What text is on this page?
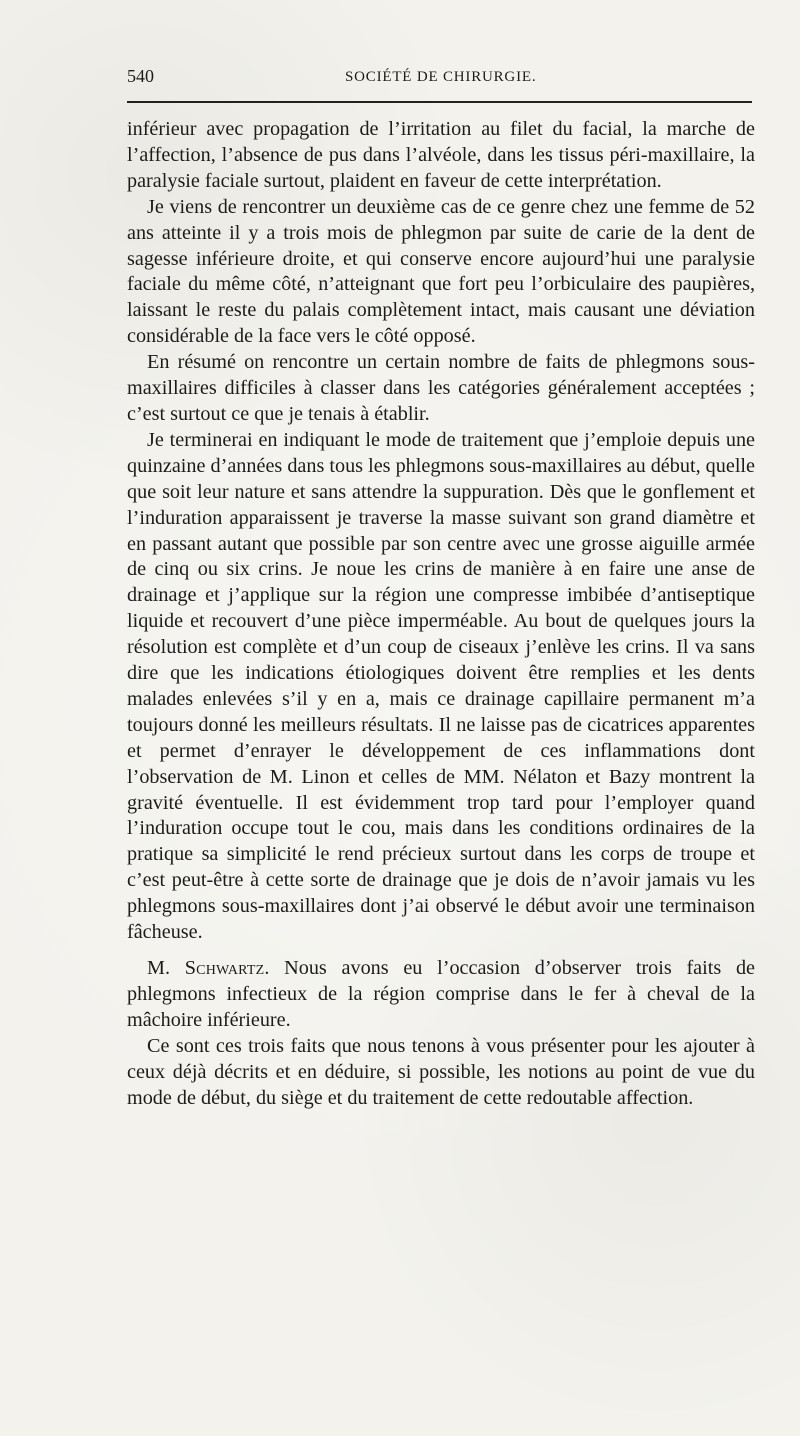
540	SOCIÉTÉ DE CHIRURGIE.

inférieur avec propagation de l’irritation au filet du facial, la marche de l’affection, l’absence de pus dans l’alvéole, dans les tissus péri-maxillaire, la paralysie faciale surtout, plaident en faveur de cette interprétation.

Je viens de rencontrer un deuxième cas de ce genre chez une femme de 52 ans atteinte il y a trois mois de phlegmon par suite de carie de la dent de sagesse inférieure droite, et qui conserve encore aujourd’hui une paralysie faciale du même côté, n’atteignant que fort peu l’orbiculaire des paupières, laissant le reste du palais complètement intact, mais causant une déviation considérable de la face vers le côté opposé.

En résumé on rencontre un certain nombre de faits de phlegmons sous-maxillaires difficiles à classer dans les catégories généralement acceptées ; c’est surtout ce que je tenais à établir.

Je terminerai en indiquant le mode de traitement que j’emploie depuis une quinzaine d’années dans tous les phlegmons sous-maxillaires au début, quelle que soit leur nature et sans attendre la suppuration. Dès que le gonflement et l’induration apparaissent je traverse la masse suivant son grand diamètre et en passant autant que possible par son centre avec une grosse aiguille armée de cinq ou six crins. Je noue les crins de manière à en faire une anse de drainage et j’applique sur la région une compresse imbibée d’antiseptique liquide et recouvert d’une pièce imperméable. Au bout de quelques jours la résolution est complète et d’un coup de ciseaux j’enlève les crins. Il va sans dire que les indications étiologiques doivent être remplies et les dents malades enlevées s’il y en a, mais ce drainage capillaire permanent m’a toujours donné les meilleurs résultats. Il ne laisse pas de cicatrices apparentes et permet d’enrayer le développement de ces inflammations dont l’observation de M. Linon et celles de MM. Nélaton et Bazy montrent la gravité éventuelle. Il est évidemment trop tard pour l’employer quand l’induration occupe tout le cou, mais dans les conditions ordinaires de la pratique sa simplicité le rend précieux surtout dans les corps de troupe et c’est peut-être à cette sorte de drainage que je dois de n’avoir jamais vu les phlegmons sous-maxillaires dont j’ai observé le début avoir une terminaison fâcheuse.

M. Schwartz. Nous avons eu l’occasion d’observer trois faits de phlegmons infectieux de la région comprise dans le fer à cheval de la mâchoire inférieure.

Ce sont ces trois faits que nous tenons à vous présenter pour les ajouter à ceux déjà décrits et en déduire, si possible, les notions au point de vue du mode de début, du siège et du traitement de cette redoutable affection.
